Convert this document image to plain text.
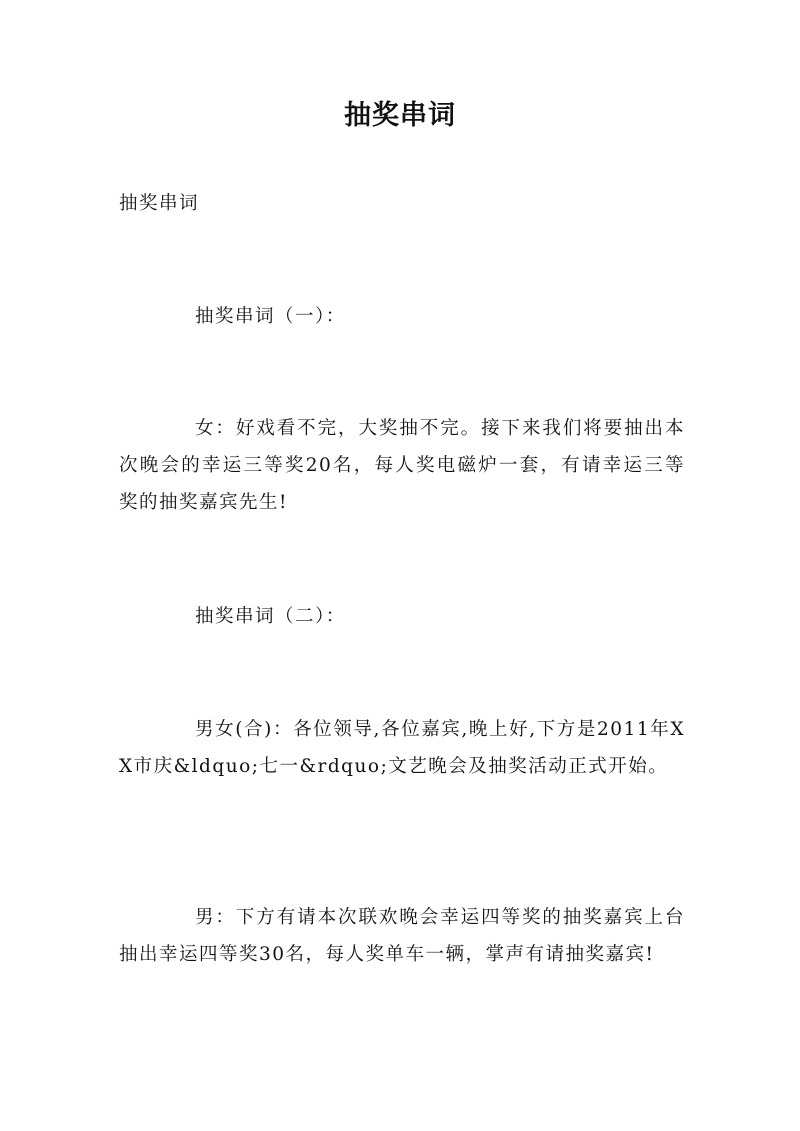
抽奖串词
抽奖串词
抽奖串词（一）：
女：好戏看不完，大奖抽不完。接下来我们将要抽出本次晚会的幸运三等奖20名，每人奖电磁炉一套，有请幸运三等奖的抽奖嘉宾先生!
抽奖串词（二）：
男女(合)：各位领导,各位嘉宾,晚上好,下方是2011年XX市庆&ldquo;七一&rdquo;文艺晚会及抽奖活动正式开始。
男：下方有请本次联欢晚会幸运四等奖的抽奖嘉宾上台抽出幸运四等奖30名，每人奖单车一辆，掌声有请抽奖嘉宾!
